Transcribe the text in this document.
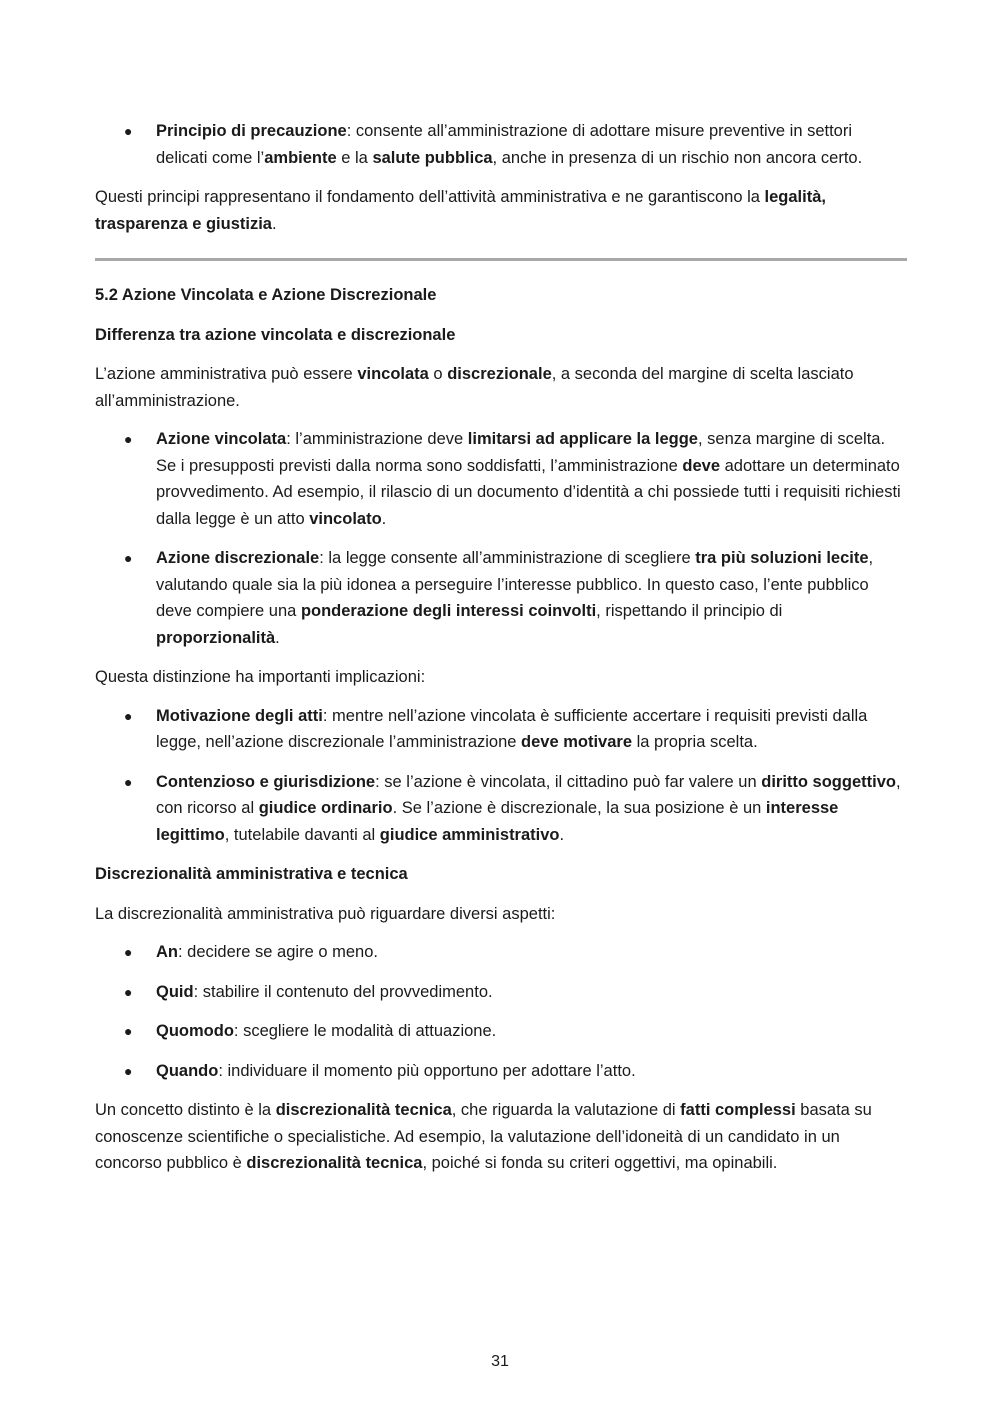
● Principio di precauzione: consente all’amministrazione di adottare misure preventive in settori delicati come l’ambiente e la salute pubblica, anche in presenza di un rischio non ancora certo.

Questi principi rappresentano il fondamento dell’attività amministrativa e ne garantiscono la legalità, trasparenza e giustizia.

5.2 Azione Vincolata e Azione Discrezionale
Differenza tra azione vincolata e discrezionale

L’azione amministrativa può essere vincolata o discrezionale, a seconda del margine di scelta lasciato all’amministrazione.

● Azione vincolata: l’amministrazione deve limitarsi ad applicare la legge, senza margine di scelta. Se i presupposti previsti dalla norma sono soddisfatti, l’amministrazione deve adottare un determinato provvedimento. Ad esempio, il rilascio di un documento d’identità a chi possiede tutti i requisiti richiesti dalla legge è un atto vincolato.
● Azione discrezionale: la legge consente all’amministrazione di scegliere tra più soluzioni lecite, valutando quale sia la più idonea a perseguire l’interesse pubblico. In questo caso, l’ente pubblico deve compiere una ponderazione degli interessi coinvolti, rispettando il principio di proporzionalità.

Questa distinzione ha importanti implicazioni:

● Motivazione degli atti: mentre nell’azione vincolata è sufficiente accertare i requisiti previsti dalla legge, nell’azione discrezionale l’amministrazione deve motivare la propria scelta.
● Contenzioso e giurisdizione: se l’azione è vincolata, il cittadino può far valere un diritto soggettivo, con ricorso al giudice ordinario. Se l’azione è discrezionale, la sua posizione è un interesse legittimo, tutelabile davanti al giudice amministrativo.
Discrezionalità amministrativa e tecnica

La discrezionalità amministrativa può riguardare diversi aspetti:

● An: decidere se agire o meno.
● Quid: stabilire il contenuto del provvedimento.
● Quomodo: scegliere le modalità di attuazione.
● Quando: individuare il momento più opportuno per adottare l’atto.

Un concetto distinto è la discrezionalità tecnica, che riguarda la valutazione di fatti complessi basata su conoscenze scientifiche o specialistiche. Ad esempio, la valutazione dell’idoneità di un candidato in un concorso pubblico è discrezionalità tecnica, poiché si fonda su criteri oggettivi, ma opinabili.

31
